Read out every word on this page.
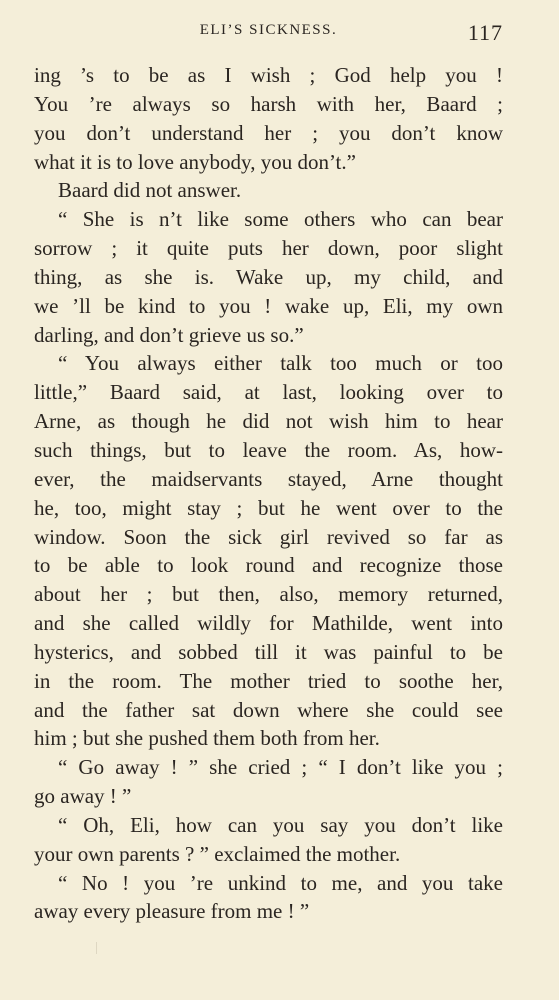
ELI’S SICKNESS.	117
ing ’s to be as I wish ; God help you !
You ’re always so harsh with her, Baard ;
you don’t understand her ; you don’t know
what it is to love anybody, you don’t.”
Baard did not answer.
“ She is n’t like some others who can bear
sorrow ; it quite puts her down, poor slight
thing, as she is. Wake up, my child, and
we ’ll be kind to you ! wake up, Eli, my own
darling, and don’t grieve us so.”
“ You always either talk too much or too
little,” Baard said, at last, looking over to
Arne, as though he did not wish him to hear
such things, but to leave the room. As, how-
ever, the maidservants stayed, Arne thought
he, too, might stay ; but he went over to the
window. Soon the sick girl revived so far as
to be able to look round and recognize those
about her ; but then, also, memory returned,
and she called wildly for Mathilde, went into
hysterics, and sobbed till it was painful to be
in the room. The mother tried to soothe her,
and the father sat down where she could see
him ; but she pushed them both from her.
“ Go away ! ” she cried ; “ I don’t like you ;
go away ! ”
“ Oh, Eli, how can you say you don’t like
your own parents ? ” exclaimed the mother.
“ No ! you ’re unkind to me, and you take
away every pleasure from me ! ”
